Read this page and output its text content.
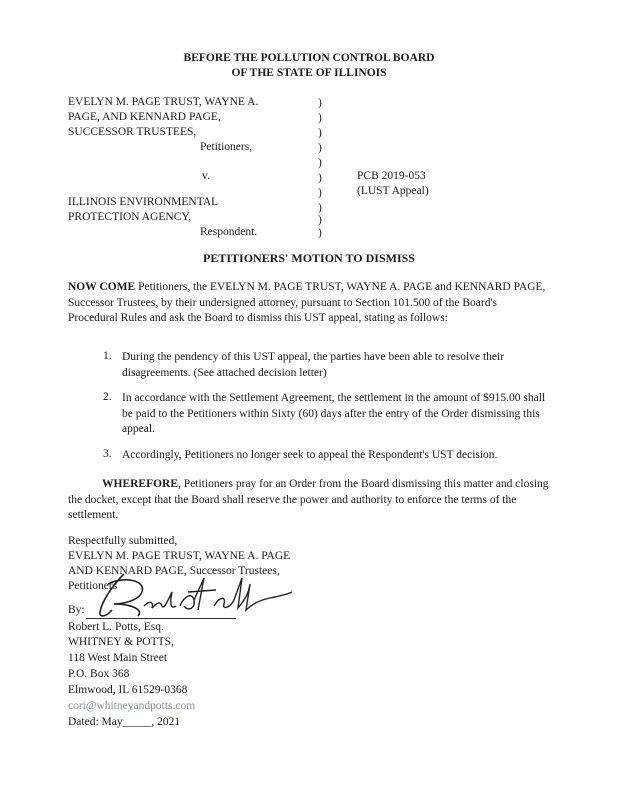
BEFORE THE POLLUTION CONTROL BOARD
OF THE STATE OF ILLINOIS
EVELYN M. PAGE TRUST, WAYNE A.
PAGE, AND KENNARD PAGE,
SUCCESSOR TRUSTEES,
Petitioners,
v.
ILLINOIS ENVIRONMENTAL
PROTECTION AGENCY,
Respondent.
)
)
)
)
)
)
)
)
)
)
PCB 2019-053
(LUST Appeal)
PETITIONERS' MOTION TO DISMISS
NOW COME Petitioners, the EVELYN M. PAGE TRUST, WAYNE A. PAGE and KENNARD PAGE, Successor Trustees, by their undersigned attorney, pursuant to Section 101.500 of the Board's Procedural Rules and ask the Board to dismiss this UST appeal, stating as follows:
1. During the pendency of this UST appeal, the parties have been able to resolve their disagreements. (See attached decision letter)
2. In accordance with the Settlement Agreement, the settlement in the amount of $915.00 shall be paid to the Petitioners within Sixty (60) days after the entry of the Order dismissing this appeal.
3. Accordingly, Petitioners no longer seek to appeal the Respondent's UST decision.
WHEREFORE, Petitioners pray for an Order from the Board dismissing this matter and closing the docket, except that the Board shall reserve the power and authority to enforce the terms of the settlement.
Respectfully submitted,
EVELYN M. PAGE TRUST, WAYNE A. PAGE
AND KENNARD PAGE, Successor Trustees,
Petitioners
By:
Robert L. Potts, Esq.
WHITNEY & POTTS,
118 West Main Street
P.O. Box 368
Elmwood, IL 61529-0368
cori@whitneyandpotts.com
Dated: May_____, 2021
